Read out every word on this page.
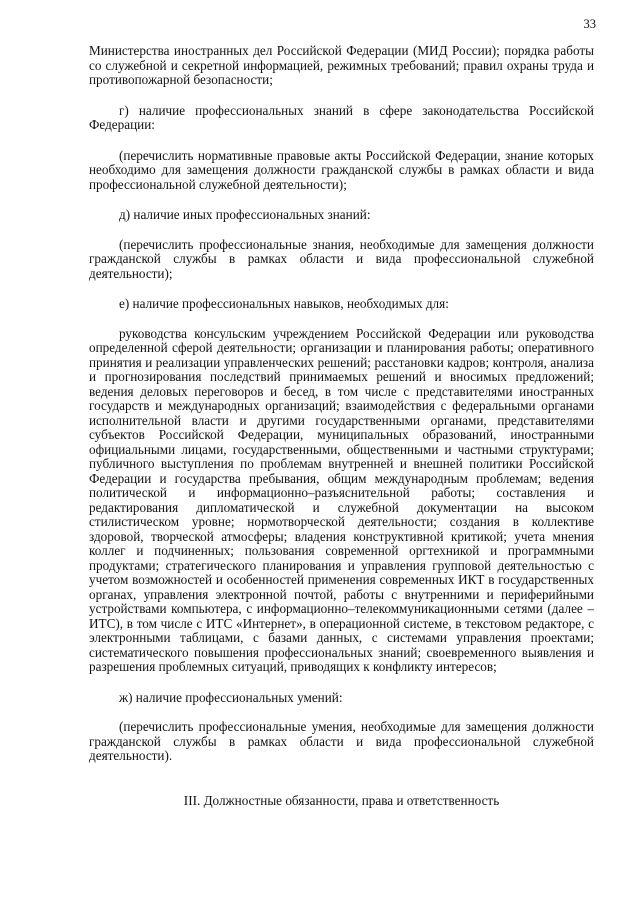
33

Министерства иностранных дел Российской Федерации (МИД России); порядка работы со служебной и секретной информацией, режимных требований; правил охраны труда и противопожарной безопасности;

г) наличие профессиональных знаний в сфере законодательства Российской Федерации:

(перечислить нормативные правовые акты Российской Федерации, знание которых необходимо для замещения должности гражданской службы в рамках области и вида профессиональной служебной деятельности);

д) наличие иных профессиональных знаний:

(перечислить профессиональные знания, необходимые для замещения должности гражданской службы в рамках области и вида профессиональной служебной деятельности);

е) наличие профессиональных навыков, необходимых для:

руководства консульским учреждением Российской Федерации или руководства определенной сферой деятельности; организации и планирования работы; оперативного принятия и реализации управленческих решений; расстановки кадров; контроля, анализа и прогнозирования последствий принимаемых решений и вносимых предложений; ведения деловых переговоров и бесед, в том числе с представителями иностранных государств и международных организаций; взаимодействия с федеральными органами исполнительной власти и другими государственными органами, представителями субъектов Российской Федерации, муниципальных образований, иностранными официальными лицами, государственными, общественными и частными структурами; публичного выступления по проблемам внутренней и внешней политики Российской Федерации и государства пребывания, общим международным проблемам; ведения политической и информационно–разъяснительной работы; составления и редактирования дипломатической и служебной документации на высоком стилистическом уровне; нормотворческой деятельности; создания в коллективе здоровой, творческой атмосферы; владения конструктивной критикой; учета мнения коллег и подчиненных; пользования современной оргтехникой и программными продуктами; стратегического планирования и управления групповой деятельностью с учетом возможностей и особенностей применения современных ИКТ в государственных органах, управления электронной почтой, работы с внутренними и периферийными устройствами компьютера, с информационно–телекоммуникационными сетями (далее – ИТС), в том числе с ИТС «Интернет», в операционной системе, в текстовом редакторе, с электронными таблицами, с базами данных, с системами управления проектами; систематического повышения профессиональных знаний; своевременного выявления и разрешения проблемных ситуаций, приводящих к конфликту интересов;

ж) наличие профессиональных умений:

(перечислить профессиональные умения, необходимые для замещения должности гражданской службы в рамках области и вида профессиональной служебной деятельности).

III. Должностные обязанности, права и ответственность
